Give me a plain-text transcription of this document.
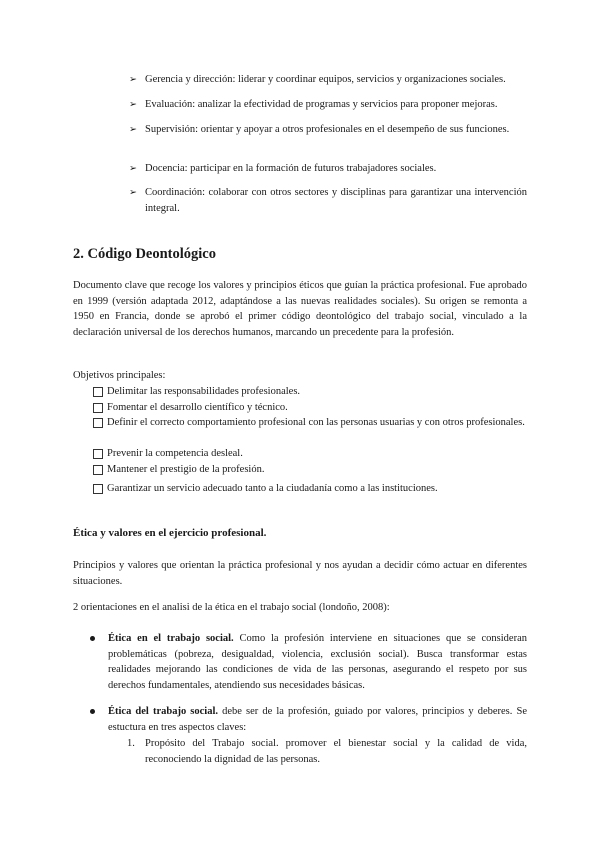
➢ Gerencia y dirección: liderar y coordinar equipos, servicios y organizaciones sociales.
➢ Evaluación: analizar la efectividad de programas y servicios para proponer mejoras.
➢ Supervisión: orientar y apoyar a otros profesionales en el desempeño de sus funciones.
➢ Docencia: participar en la formación de futuros trabajadores sociales.
➢ Coordinación: colaborar con otros sectores y disciplinas para garantizar una intervención integral.
2. Código Deontológico
Documento clave que recoge los valores y principios éticos que guían la práctica profesional. Fue aprobado en 1999 (versión adaptada 2012, adaptándose a las nuevas realidades sociales). Su origen se remonta a 1950 en Francia, donde se aprobó el primer código deontológico del trabajo social, vinculado a la declaración universal de los derechos humanos, marcando un precedente para la profesión.
Objetivos principales:
Delimitar las responsabilidades profesionales.
Fomentar el desarrollo científico y técnico.
Definir el correcto comportamiento profesional con las personas usuarias y con otros profesionales.
Prevenir la competencia desleal.
Mantener el prestigio de la profesión.
Garantizar un servicio adecuado tanto a la ciudadanía como a las instituciones.
Ética y valores en el ejercicio profesional.
Principios y valores que orientan la práctica profesional y nos ayudan a decidir cómo actuar en diferentes situaciones.
2 orientaciones en el analisi de la ética en el trabajo social (londoño, 2008):
Ética en el trabajo social. Como la profesión interviene en situaciones que se consideran problemáticas (pobreza, desigualdad, violencia, exclusión social). Busca transformar estas realidades mejorando las condiciones de vida de las personas, asegurando el respeto por sus derechos fundamentales, atendiendo sus necesidades básicas.
Ética del trabajo social. debe ser de la profesión, guiado por valores, principios y deberes. Se estuctura en tres aspectos claves:
1. Propósito del Trabajo social. promover el bienestar social y la calidad de vida, reconociendo la dignidad de las personas.
